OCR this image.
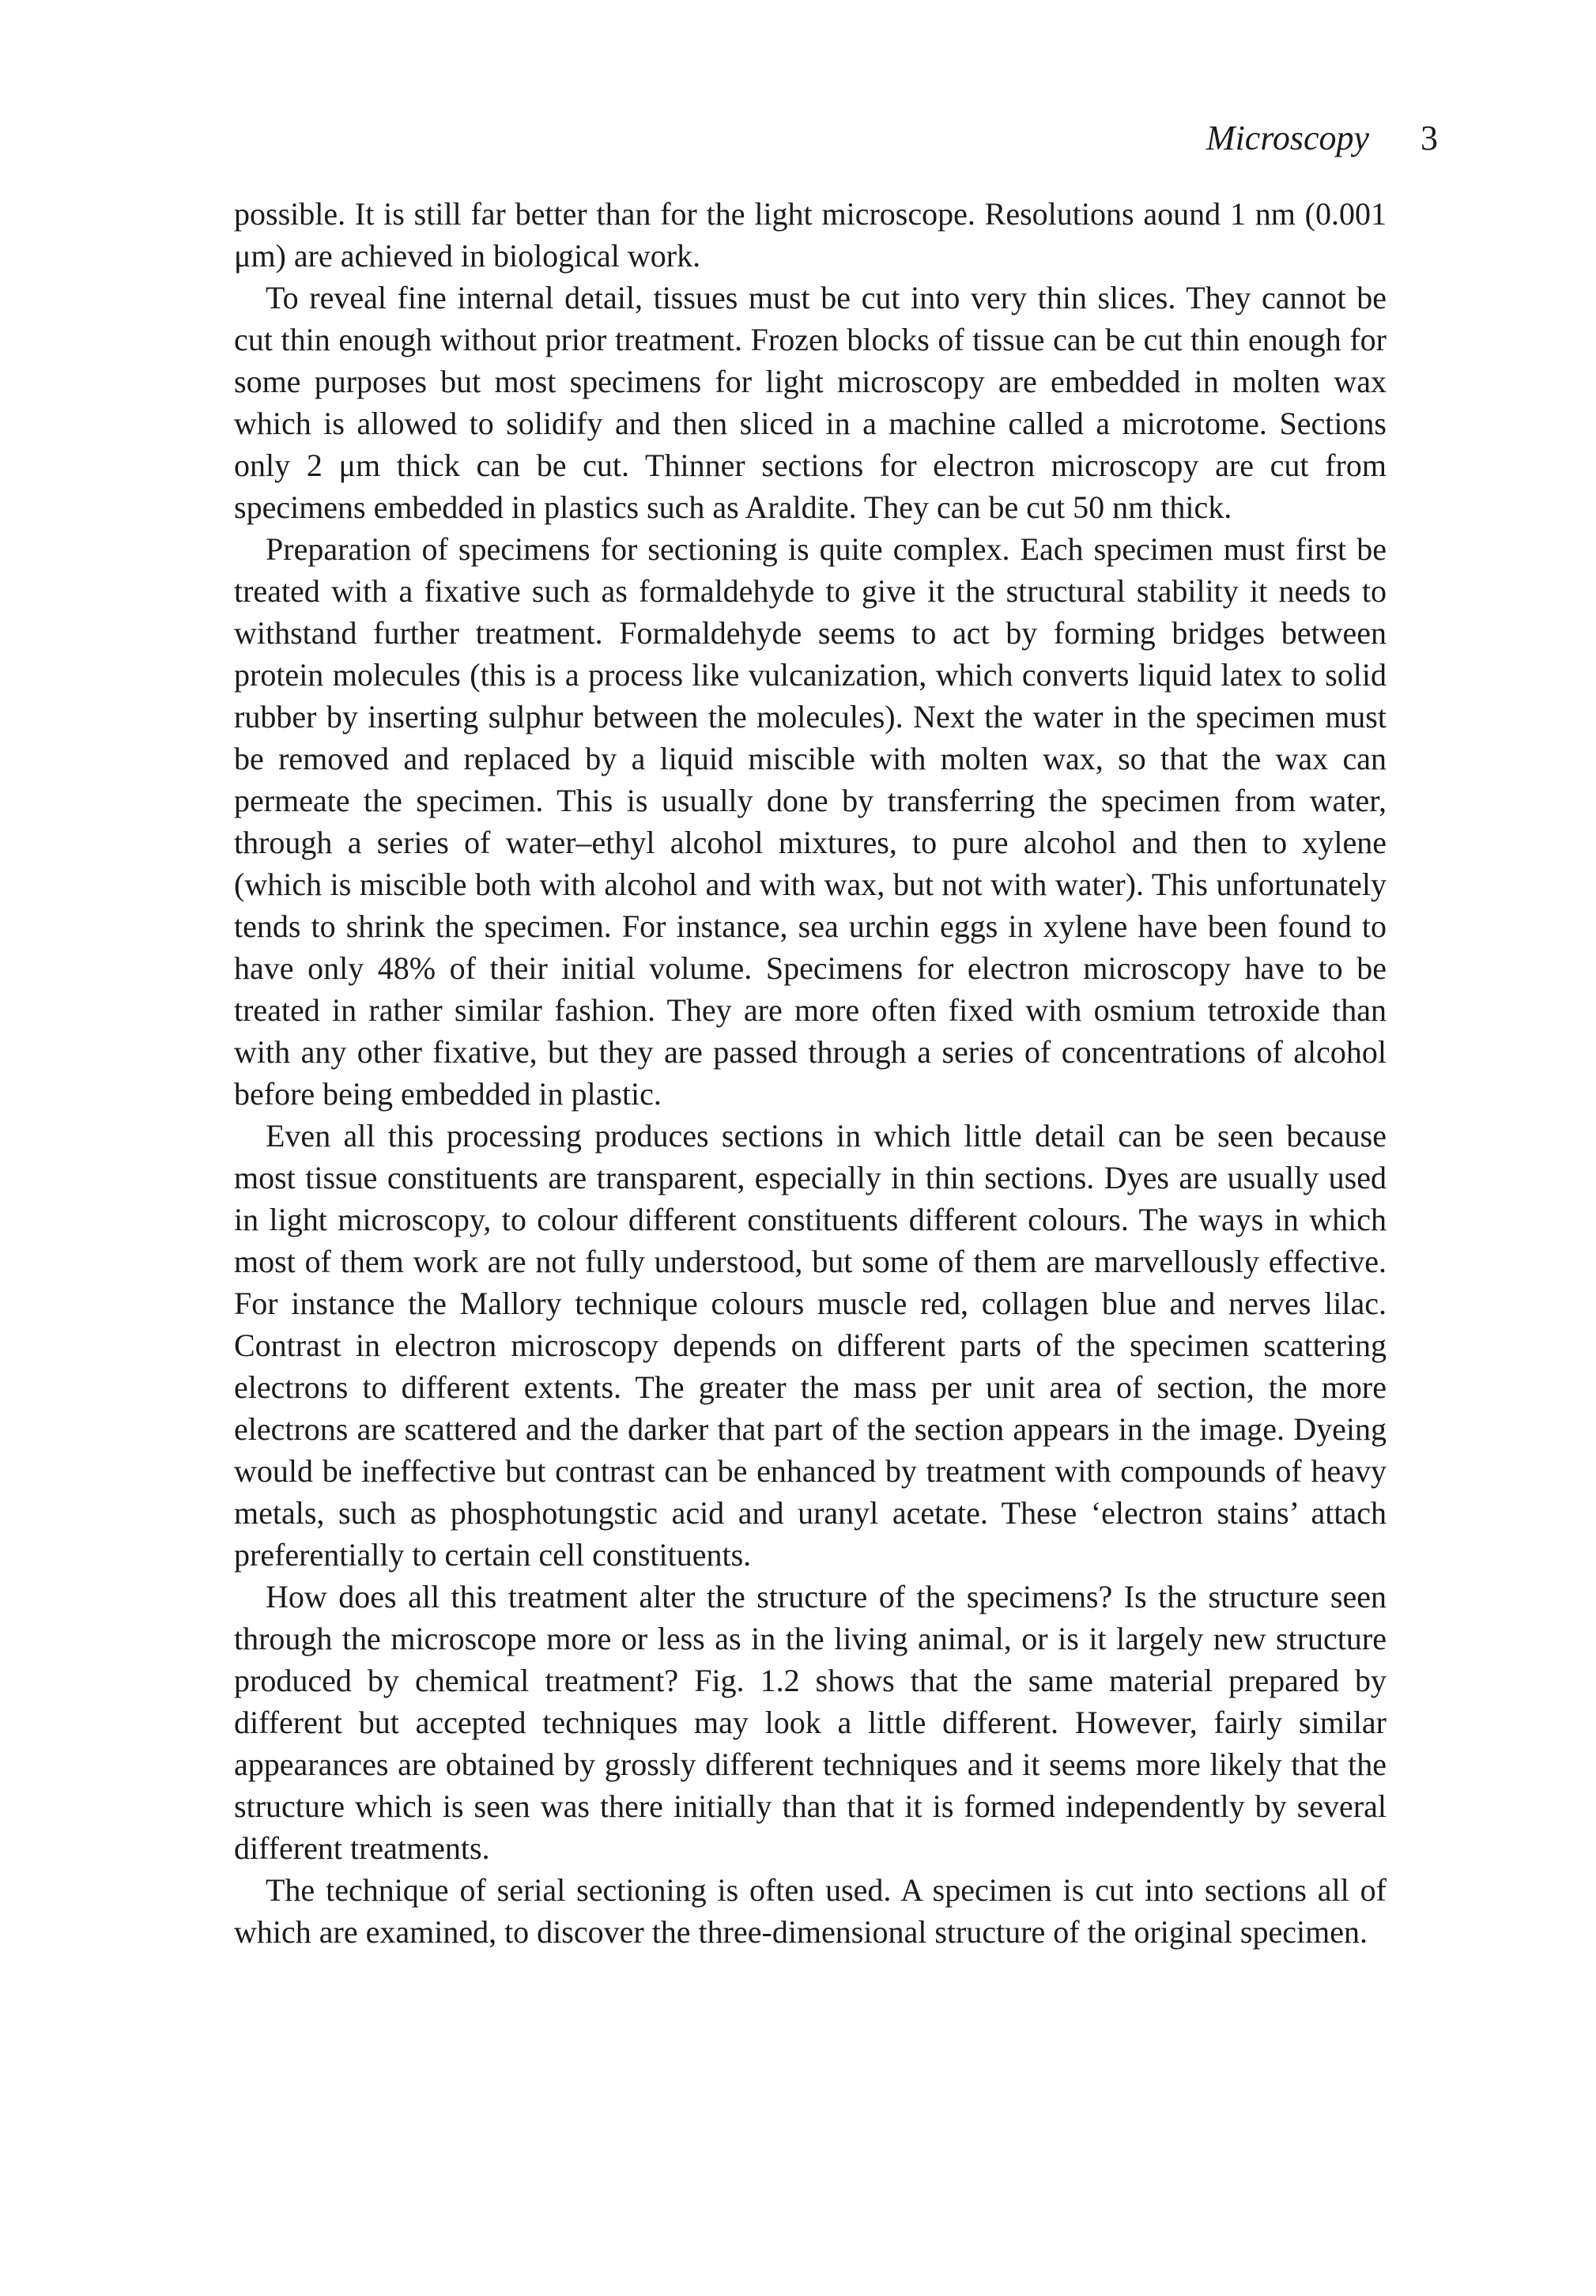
Microscopy 3

possible. It is still far better than for the light microscope. Resolutions aound 1 nm (0.001 μm) are achieved in biological work.

To reveal fine internal detail, tissues must be cut into very thin slices. They cannot be cut thin enough without prior treatment. Frozen blocks of tissue can be cut thin enough for some purposes but most specimens for light microscopy are embedded in molten wax which is allowed to solidify and then sliced in a machine called a microtome. Sections only 2 μm thick can be cut. Thinner sections for electron microscopy are cut from specimens embedded in plastics such as Araldite. They can be cut 50 nm thick.

Preparation of specimens for sectioning is quite complex. Each specimen must first be treated with a fixative such as formaldehyde to give it the structural stability it needs to withstand further treatment. Formaldehyde seems to act by forming bridges between protein molecules (this is a process like vulcanization, which converts liquid latex to solid rubber by inserting sulphur between the molecules). Next the water in the specimen must be removed and replaced by a liquid miscible with molten wax, so that the wax can permeate the specimen. This is usually done by transferring the specimen from water, through a series of water–ethyl alcohol mixtures, to pure alcohol and then to xylene (which is miscible both with alcohol and with wax, but not with water). This unfortunately tends to shrink the specimen. For instance, sea urchin eggs in xylene have been found to have only 48% of their initial volume. Specimens for electron microscopy have to be treated in rather similar fashion. They are more often fixed with osmium tetroxide than with any other fixative, but they are passed through a series of concentrations of alcohol before being embedded in plastic.

Even all this processing produces sections in which little detail can be seen because most tissue constituents are transparent, especially in thin sections. Dyes are usually used in light microscopy, to colour different constituents different colours. The ways in which most of them work are not fully understood, but some of them are marvellously effective. For instance the Mallory technique colours muscle red, collagen blue and nerves lilac. Contrast in electron microscopy depends on different parts of the specimen scattering electrons to different extents. The greater the mass per unit area of section, the more electrons are scattered and the darker that part of the section appears in the image. Dyeing would be ineffective but contrast can be enhanced by treatment with compounds of heavy metals, such as phosphotungstic acid and uranyl acetate. These ‘electron stains’ attach preferentially to certain cell constituents.

How does all this treatment alter the structure of the specimens? Is the structure seen through the microscope more or less as in the living animal, or is it largely new structure produced by chemical treatment? Fig. 1.2 shows that the same material prepared by different but accepted techniques may look a little different. However, fairly similar appearances are obtained by grossly different techniques and it seems more likely that the structure which is seen was there initially than that it is formed independently by several different treatments.

The technique of serial sectioning is often used. A specimen is cut into sections all of which are examined, to discover the three-dimensional structure of the original specimen.
